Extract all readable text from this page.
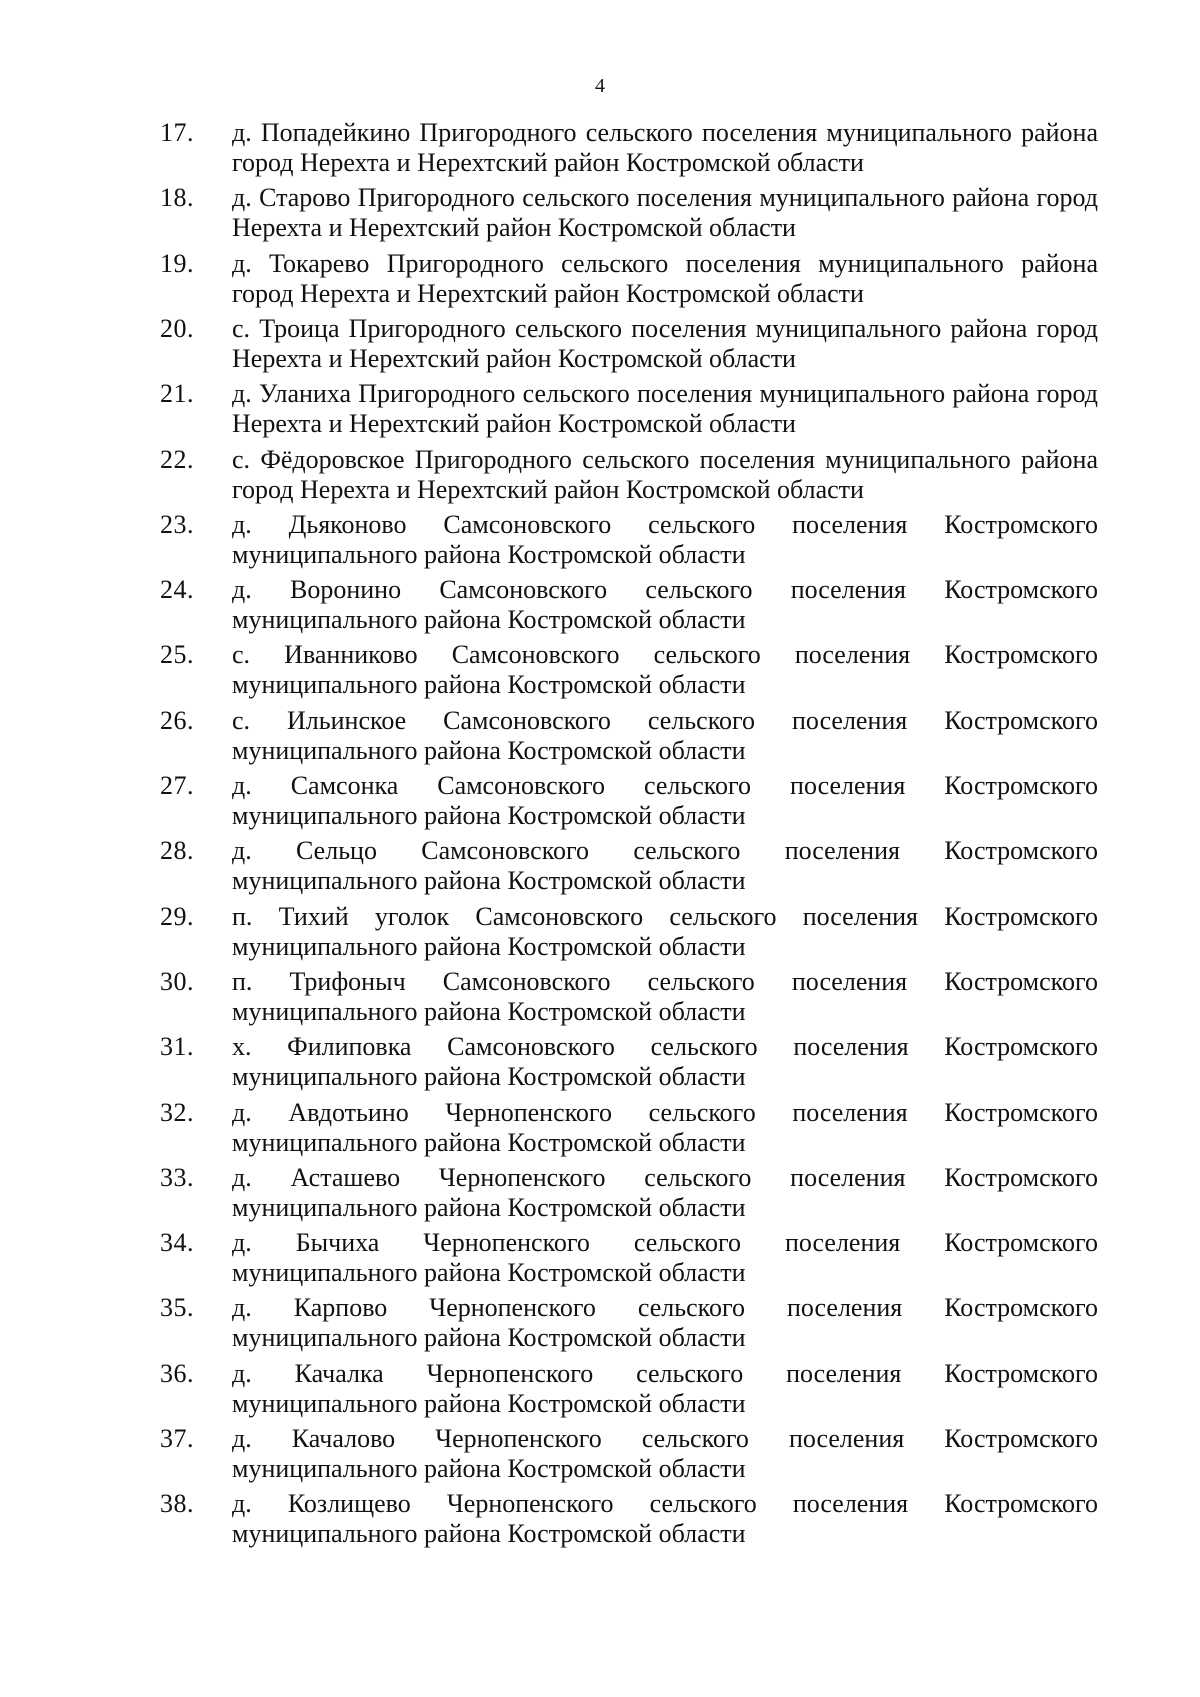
4
17. д. Попадейкино Пригородного сельского поселения муниципального района город Нерехта и Нерехтский район Костромской области
18. д. Старово Пригородного сельского поселения муниципального района город Нерехта и Нерехтский район Костромской области
19. д. Токарево Пригородного сельского поселения муниципального района город Нерехта и Нерехтский район Костромской области
20. с. Троица Пригородного сельского поселения муниципального района город Нерехта и Нерехтский район Костромской области
21. д. Уланиха Пригородного сельского поселения муниципального района город Нерехта и Нерехтский район Костромской области
22. с. Фёдоровское Пригородного сельского поселения муниципального района город Нерехта и Нерехтский район Костромской области
23. д. Дьяконово Самсоновского сельского поселения Костромского муниципального района Костромской области
24. д. Воронино Самсоновского сельского поселения Костромского муниципального района Костромской области
25. с. Иванниково Самсоновского сельского поселения Костромского муниципального района Костромской области
26. с. Ильинское Самсоновского сельского поселения Костромского муниципального района Костромской области
27. д. Самсонка Самсоновского сельского поселения Костромского муниципального района Костромской области
28. д. Сельцо Самсоновского сельского поселения Костромского муниципального района Костромской области
29. п. Тихий уголок Самсоновского сельского поселения Костромского муниципального района Костромской области
30. п. Трифоныч Самсоновского сельского поселения Костромского муниципального района Костромской области
31. х. Филиповка Самсоновского сельского поселения Костромского муниципального района Костромской области
32. д. Авдотьино Чернопенского сельского поселения Костромского муниципального района Костромской области
33. д. Асташево Чернопенского сельского поселения Костромского муниципального района Костромской области
34. д. Бычиха Чернопенского сельского поселения Костромского муниципального района Костромской области
35. д. Карпово Чернопенского сельского поселения Костромского муниципального района Костромской области
36. д. Качалка Чернопенского сельского поселения Костромского муниципального района Костромской области
37. д. Качалово Чернопенского сельского поселения Костромского муниципального района Костромской области
38. д. Козлищево Чернопенского сельского поселения Костромского муниципального района Костромской области
